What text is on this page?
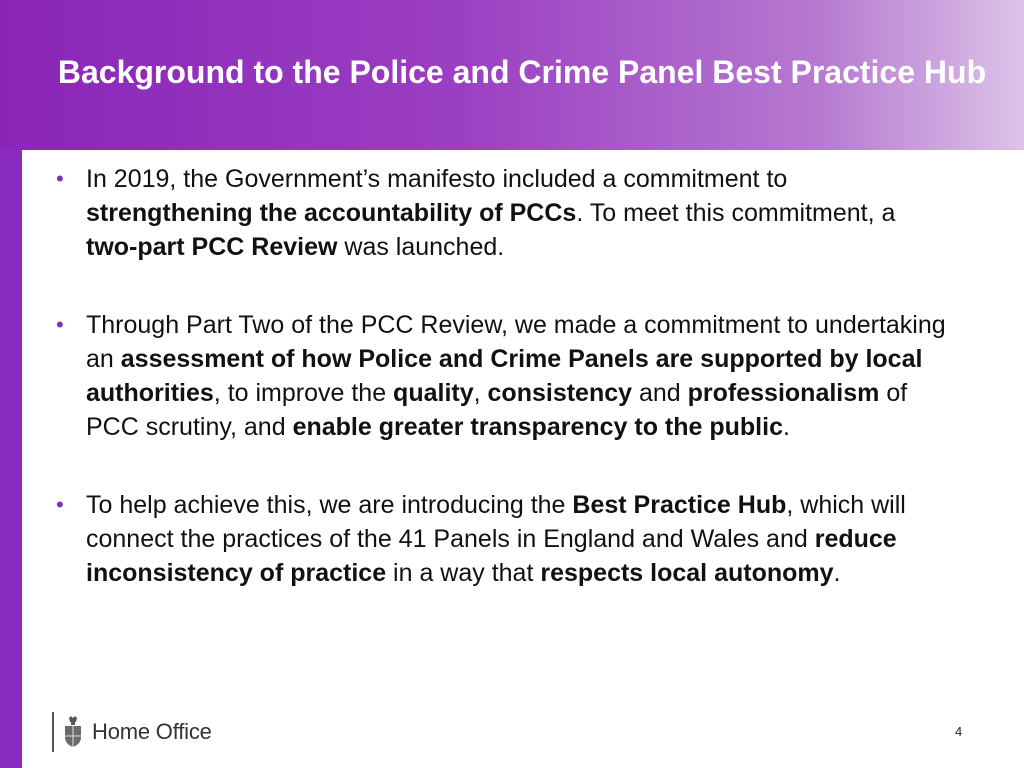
Background to the Police and Crime Panel Best Practice Hub
• In 2019, the Government’s manifesto included a commitment to strengthening the accountability of PCCs. To meet this commitment, a two-part PCC Review was launched.
• Through Part Two of the PCC Review, we made a commitment to undertaking an assessment of how Police and Crime Panels are supported by local authorities, to improve the quality, consistency and professionalism of PCC scrutiny, and enable greater transparency to the public.
• To help achieve this, we are introducing the Best Practice Hub, which will connect the practices of the 41 Panels in England and Wales and reduce inconsistency of practice in a way that respects local autonomy.
Home Office	4
